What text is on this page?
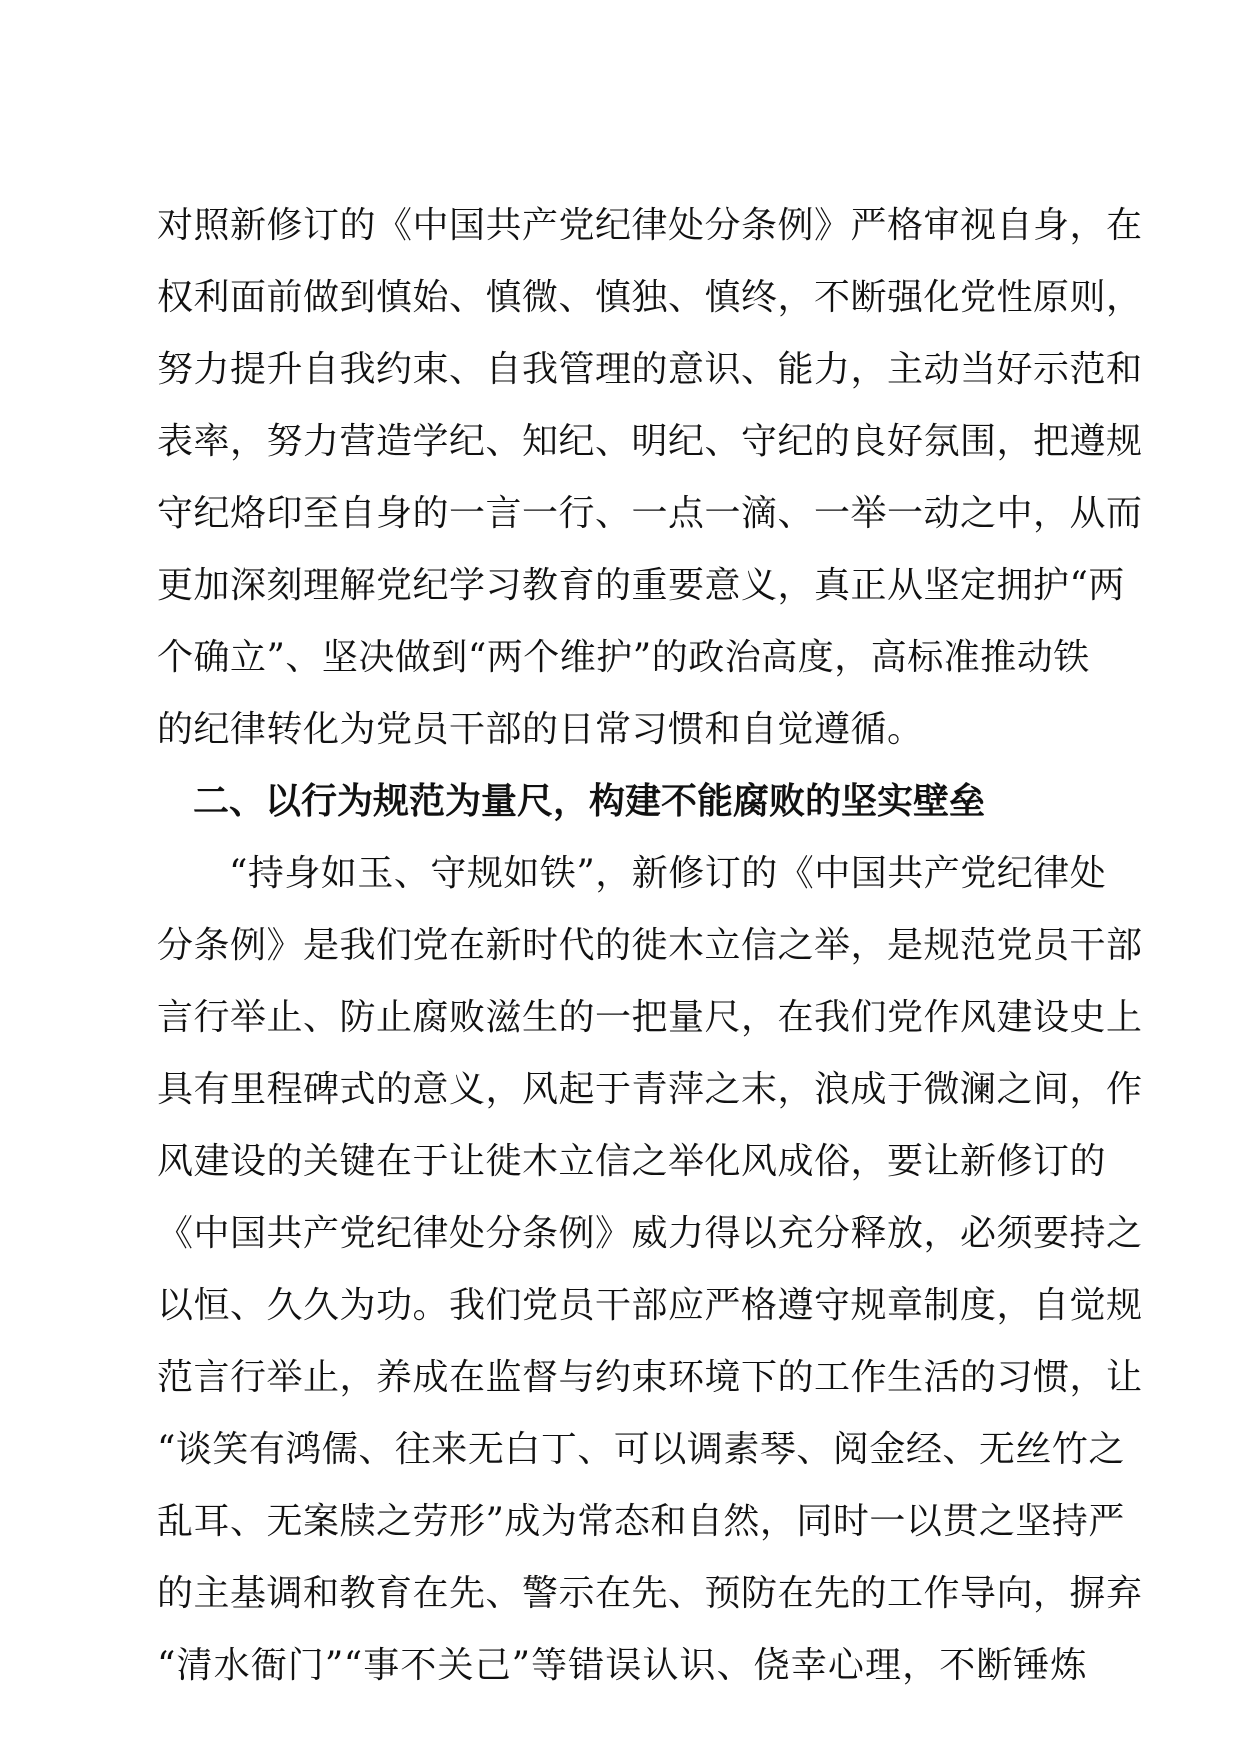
对照新修订的《中国共产党纪律处分条例》严格审视自身，在
权利面前做到慎始、慎微、慎独、慎终，不断强化党性原则，
努力提升自我约束、自我管理的意识、能力，主动当好示范和
表率，努力营造学纪、知纪、明纪、守纪的良好氛围，把遵规
守纪烙印至自身的一言一行、一点一滴、一举一动之中，从而
更加深刻理解党纪学习教育的重要意义，真正从坚定拥护“两
个确立”、坚决做到“两个维护”的政治高度，高标准推动铁
的纪律转化为党员干部的日常习惯和自觉遵循。
二、以行为规范为量尺，构建不能腐败的坚实壁垒
“持身如玉、守规如铁”，新修订的《中国共产党纪律处
分条例》是我们党在新时代的徙木立信之举，是规范党员干部
言行举止、防止腐败滋生的一把量尺，在我们党作风建设史上
具有里程碑式的意义，风起于青萍之末，浪成于微澜之间，作
风建设的关键在于让徙木立信之举化风成俗，要让新修订的
《中国共产党纪律处分条例》威力得以充分释放，必须要持之
以恒、久久为功。我们党员干部应严格遵守规章制度，自觉规
范言行举止，养成在监督与约束环境下的工作生活的习惯，让
“谈笑有鸿儒、往来无白丁、可以调素琴、阅金经、无丝竹之
乱耳、无案牍之劳形”成为常态和自然，同时一以贯之坚持严
的主基调和教育在先、警示在先、预防在先的工作导向，摒弃
“清水衙门”“事不关己”等错误认识、侥幸心理，不断锤炼
